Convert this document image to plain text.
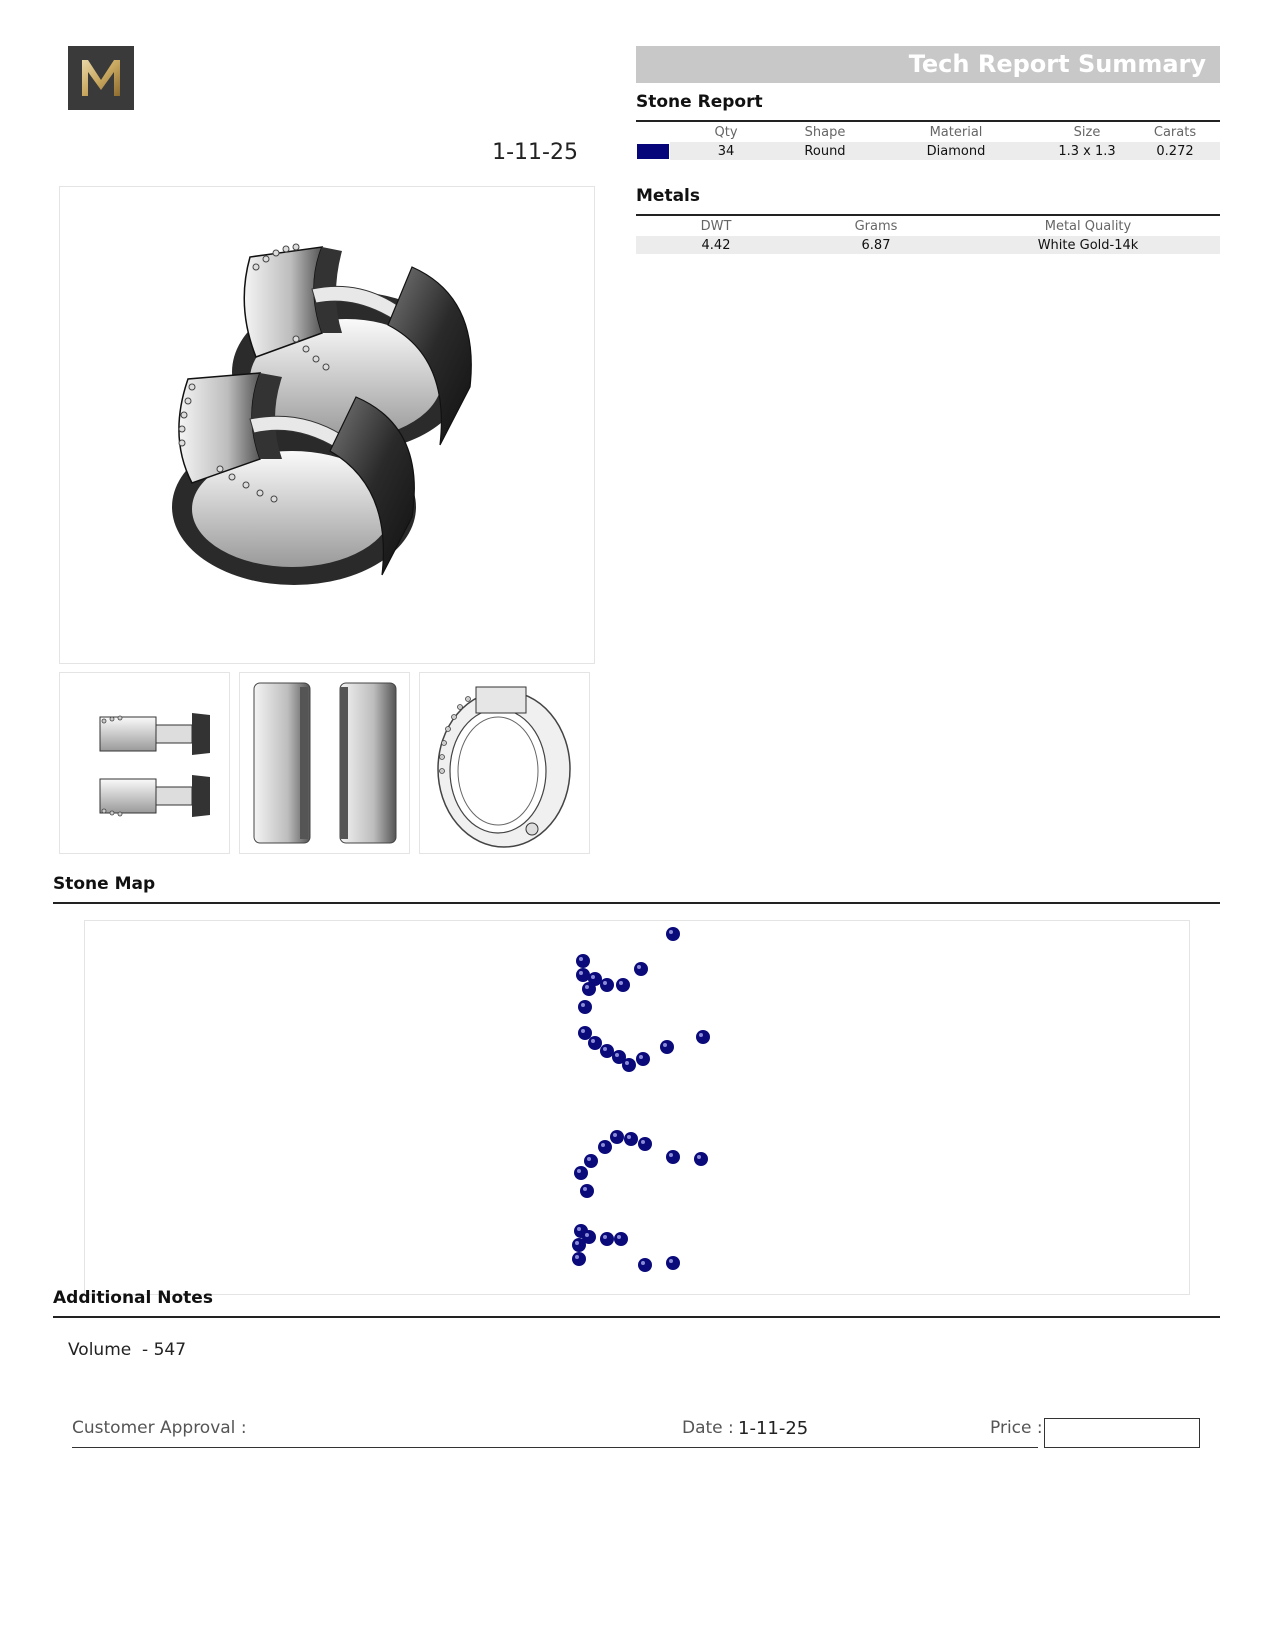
1-11-25
Tech Report Summary
Stone Report
	Qty	Shape	Material	Size	Carats

	34	Round	Diamond	1.3 x 1.3	0.272
Metals
DWT	Grams	Metal Quality
4.42	6.87	White Gold-14k
Stone Map
Additional Notes
Volume  - 547
Customer Approval :	Date : 1-11-25	Price :
